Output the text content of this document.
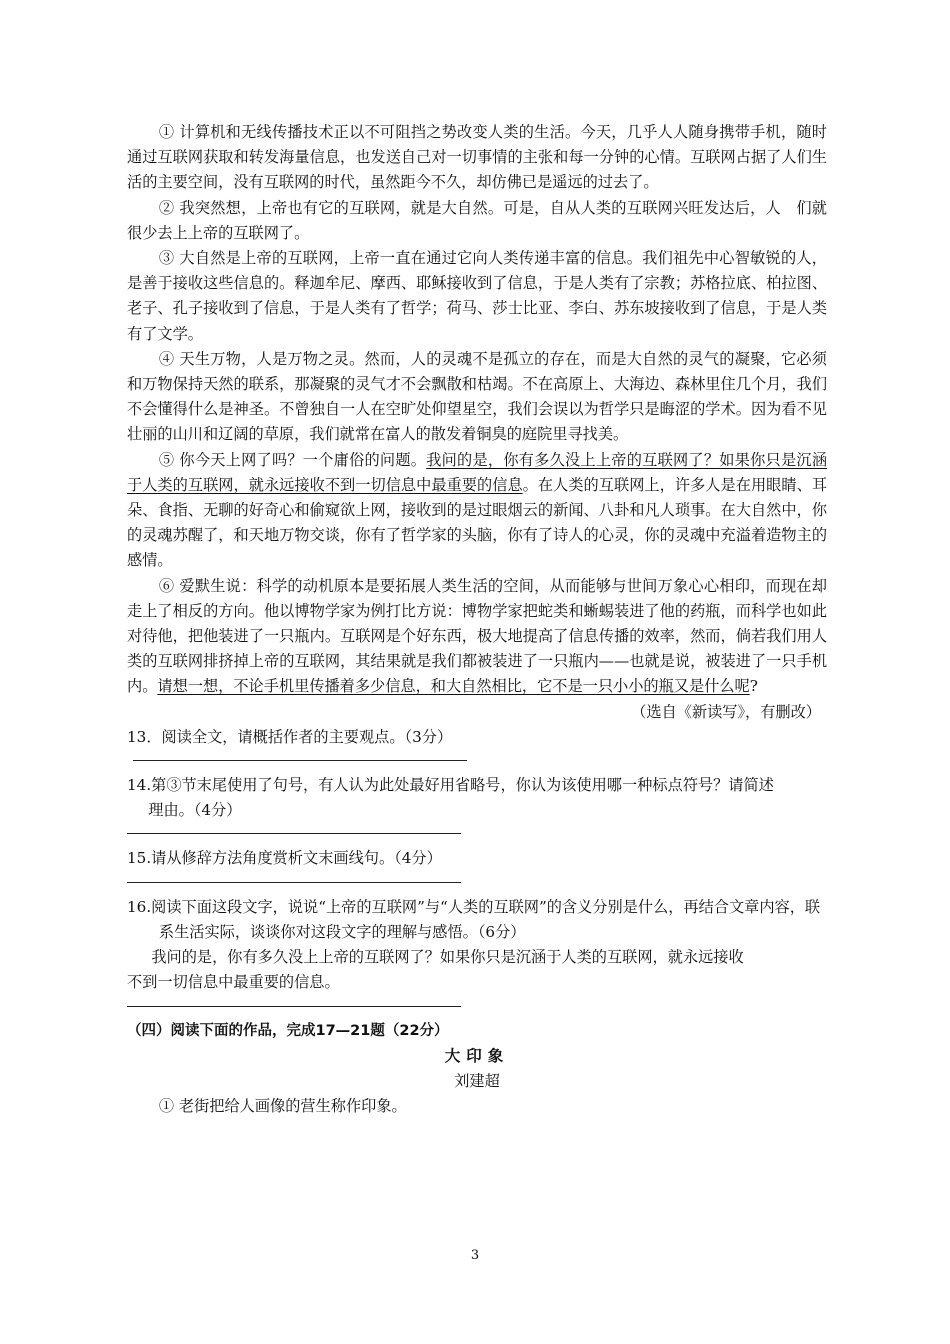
① 计算机和无线传播技术正以不可阻挡之势改变人类的生活。今天，几乎人人随身携带手机，随时通过互联网获取和转发海量信息，也发送自己对一切事情的主张和每一分钟的心情。互联网占据了人们生活的主要空间，没有互联网的时代，虽然距今不久，却仿佛已是遥远的过去了。

② 我突然想，上帝也有它的互联网，就是大自然。可是，自从人类的互联网兴旺发达后，人　们就很少去上上帝的互联网了。

③ 大自然是上帝的互联网，上帝一直在通过它向人类传递丰富的信息。我们祖先中心智敏锐的人，是善于接收这些信息的。释迦牟尼、摩西、耶稣接收到了信息，于是人类有了宗教；苏格拉底、柏拉图、老子、孔子接收到了信息，于是人类有了哲学；荷马、莎士比亚、李白、苏东坡接收到了信息，于是人类有了文学。

④ 天生万物，人是万物之灵。然而，人的灵魂不是孤立的存在，而是大自然的灵气的凝聚，它必须和万物保持天然的联系，那凝聚的灵气才不会飘散和枯竭。不在高原上、大海边、森林里住几个月，我们不会懂得什么是神圣。不曾独自一人在空旷处仰望星空，我们会误以为哲学只是晦涩的学术。因为看不见壮丽的山川和辽阔的草原，我们就常在富人的散发着铜臭的庭院里寻找美。

⑤ 你今天上网了吗？一个庸俗的问题。我问的是，你有多久没上上帝的互联网了？如果你只是沉涵于人类的互联网，就永远接收不到一切信息中最重要的信息。在人类的互联网上，许多人是在用眼睛、耳朵、食指、无聊的好奇心和偷窥欲上网，接收到的是过眼烟云的新闻、八卦和凡人琐事。在大自然中，你的灵魂苏醒了，和天地万物交谈，你有了哲学家的头脑，你有了诗人的心灵，你的灵魂中充溢着造物主的感情。

⑥ 爱默生说：科学的动机原本是要拓展人类生活的空间，从而能够与世间万象心心相印，而现在却走上了相反的方向。他以博物学家为例打比方说：博物学家把蛇类和蜥蜴装进了他的药瓶，而科学也如此对待他，把他装进了一只瓶内。互联网是个好东西，极大地提高了信息传播的效率，然而，倘若我们用人类的互联网排挤掉上帝的互联网，其结果就是我们都被装进了一只瓶内——也就是说，被装进了一只手机内。请想一想，不论手机里传播着多少信息，和大自然相比，它不是一只小小的瓶又是什么呢?

（选自《新读写》，有删改）

13．阅读全文，请概括作者的主要观点。（3分）

14.第③节末尾使用了句号，有人认为此处最好用省略号，你认为该使用哪一种标点符号？请简述

理由。（4分）

15.请从修辞方法角度赏析文末画线句。（4分）

16.阅读下面这段文字，说说“上帝的互联网”与“人类的互联网”的含义分别是什么，再结合文章内容，联系生活实际，谈谈你对这段文字的理解与感悟。（6分）

我问的是，你有多久没上上帝的互联网了？如果你只是沉涵于人类的互联网，就永远接收

不到一切信息中最重要的信息。

（四）阅读下面的作品，完成17—21题（22分）

大印象

刘建超

① 老街把给人画像的营生称作印象。

3
